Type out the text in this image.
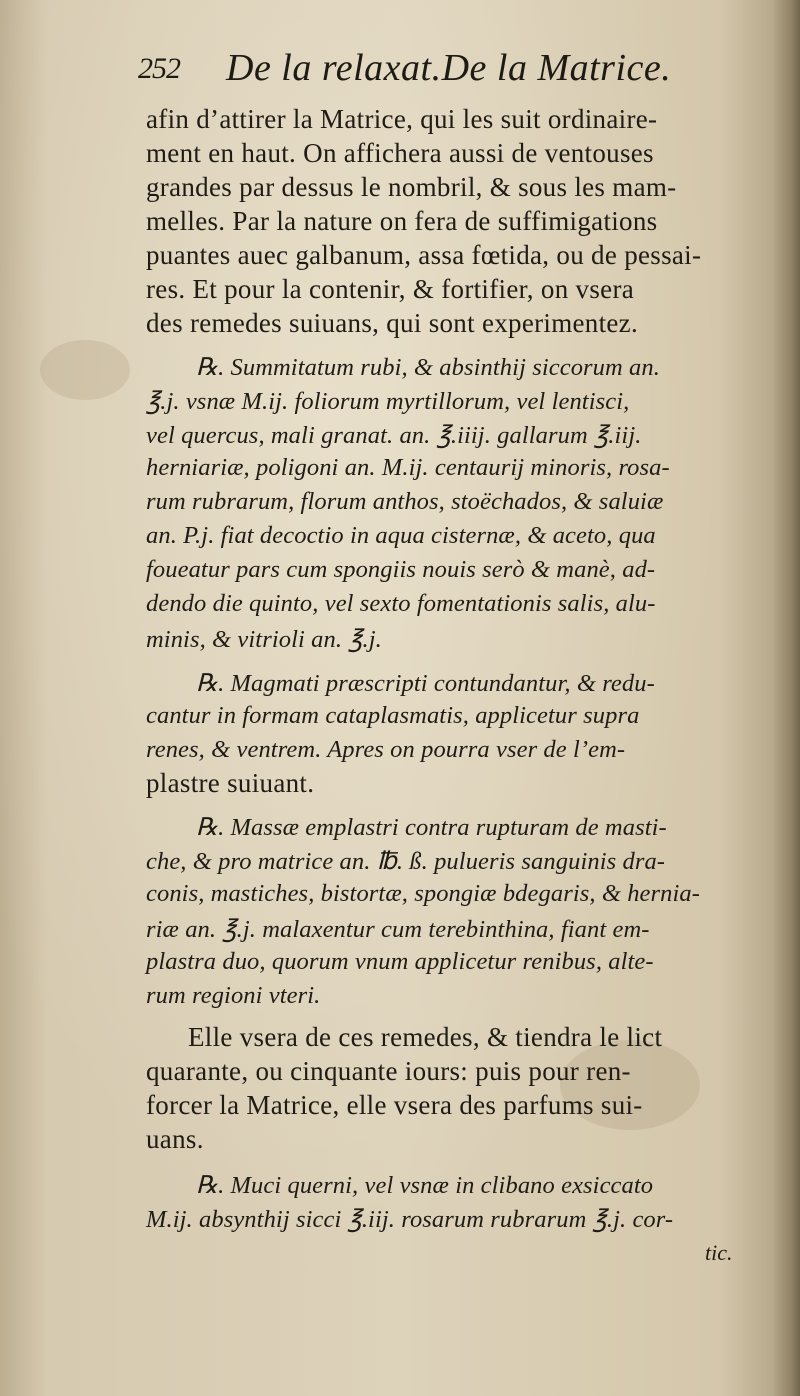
252 De la relaxat.De la Matrice.
afin d’attirer la Matrice, qui les suit ordinaire-
ment en haut. On affichera aussi de ventouses
grandes par dessus le nombril, & sous les mam-
melles. Par la nature on fera de suffimigations
puantes auec galbanum, assa fœtida, ou de pessai-
res. Et pour la contenir, & fortifier, on vsera
des remedes suiuans, qui sont experimentez.
℞. Summitatum rubi, & absinthij siccorum an.
℥.j. vsnæ M.ij. foliorum myrtillorum, vel lentisci,
vel quercus, mali granat. an. ℥.iiij. gallarum ℥.iij.
herniariæ, poligoni an. M.ij. centaurij minoris, rosa-
rum rubrarum, florum anthos, stoëchados, & saluiæ
an. P.j. fiat decoctio in aqua cisternæ, & aceto, qua
foueatur pars cum spongiis nouis serò & manè, ad-
dendo die quinto, vel sexto fomentationis salis, alu-
minis, & vitrioli an. ℥.j.
℞. Magmati præscripti contundantur, & redu-
cantur in formam cataplasmatis, applicetur supra
renes, & ventrem. Apres on pourra vser de l’em-
plastre suiuant.
℞. Massæ emplastri contra rupturam de masti-
che, & pro matrice an. ℔. ß. pulueris sanguinis dra-
conis, mastiches, bistortæ, spongiæ bdegaris, & hernia-
riæ an. ℥.j. malaxentur cum terebinthina, fiant em-
plastra duo, quorum vnum applicetur renibus, alte-
rum regioni vteri.
Elle vsera de ces remedes, & tiendra le lict
quarante, ou cinquante iours: puis pour ren-
forcer la Matrice, elle vsera des parfums sui-
uans.
℞. Muci querni, vel vsnæ in clibano exsiccato
M.ij. absynthij sicci ℥.iij. rosarum rubrarum ℥.j. cor-
tic.
